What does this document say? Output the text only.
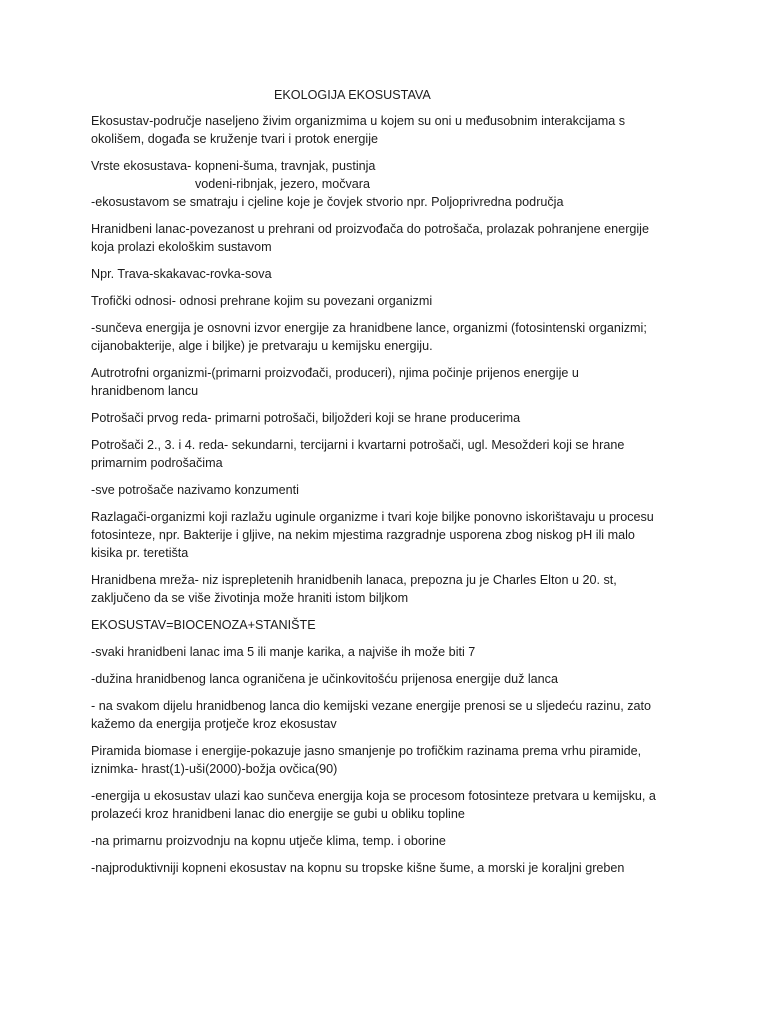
EKOLOGIJA EKOSUSTAVA
Ekosustav-područje naseljeno živim organizmima u kojem su oni u međusobnim interakcijama s
okolišem, događa se kruženje tvari i protok energije
Vrste ekosustava- kopneni-šuma, travnjak, pustinja
vodeni-ribnjak, jezero, močvara
-ekosustavom se smatraju i cjeline koje je čovjek stvorio npr. Poljoprivredna područja
Hranidbeni lanac-povezanost u prehrani od proizvođača do potrošača, prolazak pohranjene energije
koja prolazi ekološkim sustavom
Npr. Trava-skakavac-rovka-sova
Trofički odnosi- odnosi prehrane kojim su povezani organizmi
-sunčeva energija je osnovni izvor energije za hranidbene lance, organizmi (fotosintenski organizmi;
cijanobakterije, alge i biljke) je pretvaraju u kemijsku energiju.
Autrotrofni organizmi-(primarni proizvođači, produceri), njima počinje prijenos energije u
hranidbenom lancu
Potrošači prvog reda- primarni potrošači, biljožderi koji se hrane producerima
Potrošači 2., 3. i 4. reda- sekundarni, tercijarni i kvartarni potrošači, ugl. Mesožderi koji se hrane
primarnim podrošačima
-sve potrošače nazivamo konzumenti
Razlagači-organizmi koji razlažu uginule organizme i tvari koje biljke ponovno iskorištavaju u procesu
fotosinteze, npr. Bakterije i gljive, na nekim mjestima razgradnje usporena zbog niskog pH ili malo
kisika pr. teretišta
Hranidbena mreža- niz isprepletenih hranidbenih lanaca, prepozna ju je Charles Elton u 20. st,
zaključeno da se više životinja može hraniti istom biljkom
EKOSUSTAV=BIOCENOZA+STANIŠTE
-svaki hranidbeni lanac ima 5 ili manje karika, a najviše ih može biti 7
-dužina hranidbenog lanca ograničena je učinkovitošću prijenosa energije duž lanca
- na svakom dijelu hranidbenog lanca dio kemijski vezane energije prenosi se u sljedeću razinu, zato
kažemo da energija protječe kroz ekosustav
Piramida biomase i energije-pokazuje jasno smanjenje po trofičkim razinama prema vrhu piramide,
iznimka- hrast(1)-uši(2000)-božja ovčica(90)
-energija u ekosustav ulazi kao sunčeva energija koja se procesom fotosinteze pretvara u kemijsku, a
prolazeći kroz hranidbeni lanac dio energije se gubi u obliku topline
-na primarnu proizvodnju na kopnu utječe klima, temp. i oborine
-najproduktivniji kopneni ekosustav na kopnu su tropske kišne šume, a morski je koraljni greben
